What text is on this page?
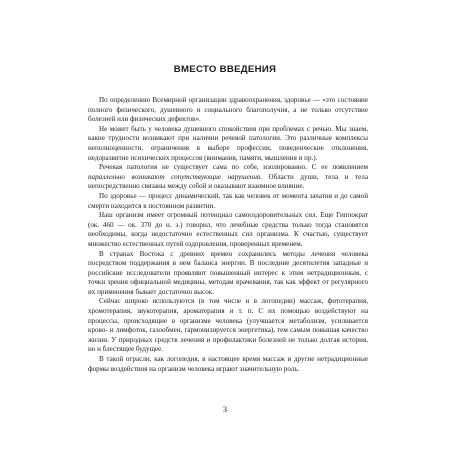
ВМЕСТО ВВЕДЕНИЯ

По определению Всемирной организации здравоохранения, здоровье — «это состояние полного физического, душевного и социального благополучия, а не только отсутствие болезней или физических дефектов».

Не может быть у человека душевного спокойствия при проблемах с речью. Мы знаем, какие трудности возникают при наличии речевой патологии. Это различные комплексы неполноценности, ограничения в выборе профессии, поведенческие отклонения, недоразвитие психических процессов (внимания, памяти, мышления и пр.).

Речевая патология не существует сама по себе, изолированно. С ее появлением параллельно возникают сопутствующие нарушения. Области души, тела и тела непосредственно связаны между собой и оказывают взаимное влияние.

По здоровье — процесс динамический, так как человек от момента зачатия и до самой смерти находится в постоянном развитии.

Наш организм имеет огромный потенциал самооздоровительных сил. Еще Гиппократ (ок. 460 — ок. 370 до н. э.) говорил, что лечебные средства только тогда становятся необходимы, когда недостаточно естественных сил организма. К счастью, существует множество естественных путей оздоровления, проверенных временем.

В странах Востока с древних времен сохранились методы лечения человека посредством поддержания в нем баланса энергии. В последние десятилетия западные и российские исследователи проявляют повышенный интерес к этим нетрадиционным, с точки зрения официальной медицины, методам врачевания, так как эффект от регулярного их применения бывает достаточно высок.

Сейчас широко используются (в том числе и в логопедии) массаж, фитотерапия, хромотерапия, звукотерапия, ароматерапия и т. п. С их помощью воздействуют на процессы, происходящие в организме человека (улучшается метаболизм, усиливается крово- и лимфоток, газообмен, гармонизируется энергетика), тем самым повышая качество жизни. У природных средств лечения и профилактики болезней не только долгая история, но и блестящее будущее.

В такой отрасли, как логопедия, в настоящее время массаж и другие нетрадиционные формы воздействия на организм человека играют значительную роль.

3
